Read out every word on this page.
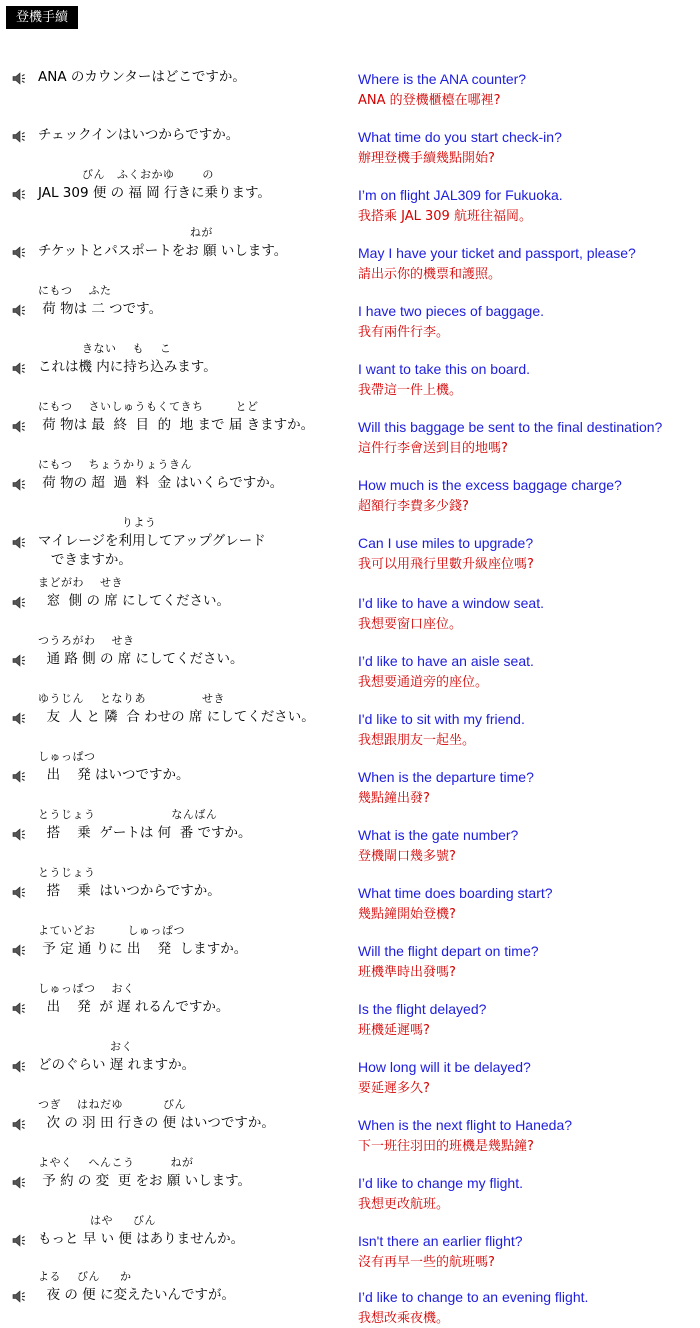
登機手續
ANA のカウンターはどこですか。	Where is the ANA counter?
ANA 的登機櫃檯在哪裡?
チェックインはいつからですか。	What time do you start check-in?
辦理登機手續幾點開始?
びん   ふくおかゆ       の
JAL 309 便 の 福 岡 行きに乗ります。	I’m on flight JAL309 for Fukuoka.
我搭乘 JAL 309 航班往福岡。
ねが
チケットとパスポートをお 願 いします。	May I have your ticket and passport, please?
請出示你的機票和護照。
にもつ    ふた
荷 物は 二 つです。	I have two pieces of baggage.
我有兩件行李。
きない    も    こ
これは機 内に持ち込みます。	I want to take this on board.
我帶這一件上機。
にもつ    さいしゅうもくてきち        とど
荷 物は 最  終  目  的  地 まで 届 きますか。	Will this baggage be sent to the final destination?
這件行李會送到目的地嗎?
にもつ    ちょうかりょうきん
荷 物の 超  過  料  金 はいくらですか。	How much is the excess baggage charge?
超額行李費多少錢?
りよう
マイレージを利用してアップグレード
できますか。
Can I use miles to upgrade?
我可以用飛行里數升級座位嗎?
まどがわ    せき
窓  側 の 席 にしてください。	I’d like to have a window seat.
我想要窗口座位。
つうろがわ    せき
通 路 側 の 席 にしてください。	I’d like to have an aisle seat.
我想要通道旁的座位。
ゆうじん    となりあ              せき
友  人 と 隣  合 わせの 席 にしてください。	I'd like to sit with my friend.
我想跟朋友一起坐。
しゅっぱつ
出    発 はいつですか。	When is the departure time?
幾點鐘出發?
とうじょう                   なんばん
搭    乗  ゲートは 何  番 ですか。	What is the gate number?
登機閘口幾多號?
とうじょう
搭    乗  はいつからですか。	What time does boarding start?
幾點鐘開始登機?
よていどお        しゅっぱつ
予 定 通 りに 出    発  しますか。	Will the flight depart on time?
班機準時出發嗎?
しゅっぱつ    おく
出    発  が 遅 れるんですか。	Is the flight delayed?
班機延遲嗎?
おく
どのぐらい 遅 れますか。	How long will it be delayed?
要延遲多久?
つぎ    はねだゆ          びん
次 の 羽 田 行きの 便 はいつですか。	When is the next flight to Haneda?
下一班往羽田的班機是幾點鐘?
よやく    へんこう         ねが
予 約 の 変  更 をお 願 いします。	I’d like to change my flight.
我想更改航班。
はや     びん
もっと 早 い 便 はありませんか。	Isn't there an earlier flight?
沒有再早一些的航班嗎?
よる    びん     か
夜 の 便 に変えたいんですが。	I’d like to change to an evening flight.
我想改乘夜機。
